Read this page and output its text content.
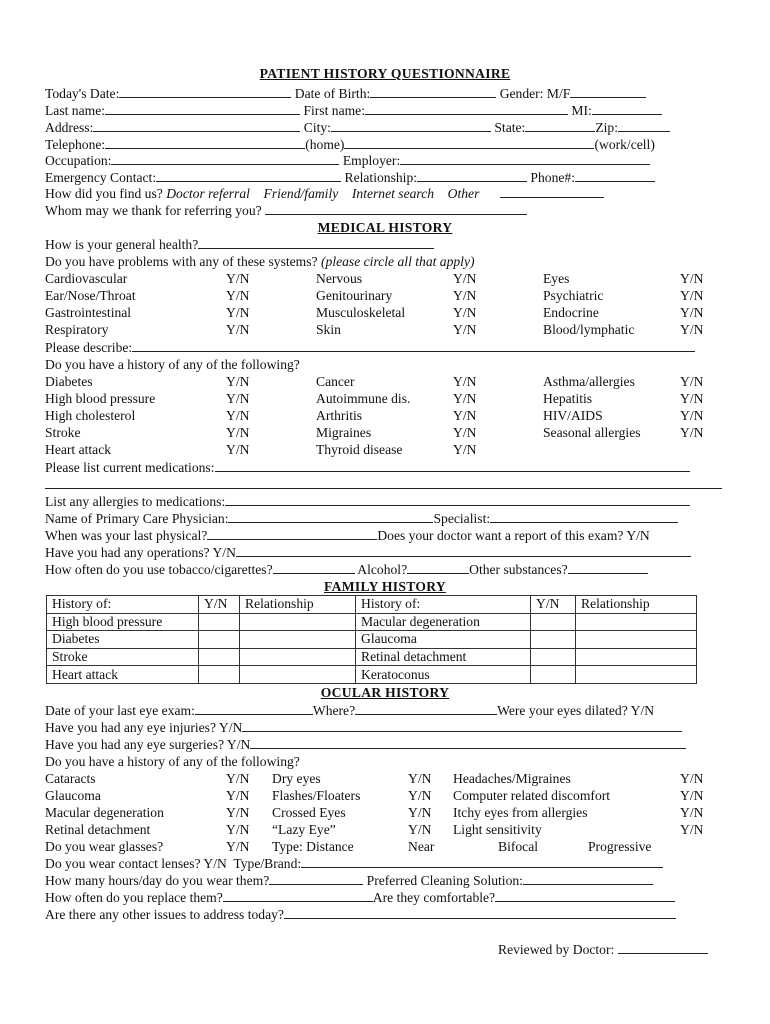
PATIENT HISTORY QUESTIONNAIRE
Today's Date:	Date of Birth:	Gender: M/F
Last name:	First name:	MI:
Address:	City:	State:	Zip:
Telephone:	(home)	(work/cell)
Occupation:	Employer:
Emergency Contact:	Relationship:	Phone#:
How did you find us? Doctor referral Friend/family Internet search Other
Whom may we thank for referring you?
MEDICAL HISTORY
How is your general health?
Do you have problems with any of these systems? (please circle all that apply)
Cardiovascular	Y/N	Nervous	Y/N	Eyes	Y/N
Ear/Nose/Throat	Y/N	Genitourinary	Y/N	Psychiatric	Y/N
Gastrointestinal	Y/N	Musculoskeletal	Y/N	Endocrine	Y/N
Respiratory	Y/N	Skin	Y/N	Blood/lymphatic	Y/N
Please describe:
Do you have a history of any of the following?
Diabetes	Y/N	Cancer	Y/N	Asthma/allergies	Y/N
High blood pressure	Y/N	Autoimmune dis.	Y/N	Hepatitis	Y/N
High cholesterol	Y/N	Arthritis	Y/N	HIV/AIDS	Y/N
Stroke	Y/N	Migraines	Y/N	Seasonal allergies	Y/N
Heart attack	Y/N	Thyroid disease	Y/N
Please list current medications:
List any allergies to medications:
Name of Primary Care Physician:	Specialist:
When was your last physical?	Does your doctor want a report of this exam? Y/N
Have you had any operations? Y/N
How often do you use tobacco/cigarettes?	Alcohol?	Other substances?
FAMILY HISTORY
History of:	Y/N	Relationship	History of:	Y/N	Relationship
High blood pressure			Macular degeneration		
Diabetes			Glaucoma		
Stroke			Retinal detachment		
Heart attack			Keratoconus		
OCULAR HISTORY
Date of your last eye exam:	Where?	Were your eyes dilated? Y/N
Have you had any eye injuries? Y/N
Have you had any eye surgeries? Y/N
Do you have a history of any of the following?
Cataracts	Y/N Dry eyes	Y/N Headaches/Migraines	Y/N
Glaucoma	Y/N Flashes/Floaters	Y/N Computer related discomfort	Y/N
Macular degeneration	Y/N Crossed Eyes	Y/N Itchy eyes from allergies	Y/N
Retinal detachment	Y/N “Lazy Eye”	Y/N Light sensitivity	Y/N
Do you wear glasses?	Y/N Type: Distance	Near	Bifocal	Progressive
Do you wear contact lenses? Y/N Type/Brand:
How many hours/day do you wear them?	Preferred Cleaning Solution:
How often do you replace them?	Are they comfortable?
Are there any other issues to address today?
Reviewed by Doctor:
